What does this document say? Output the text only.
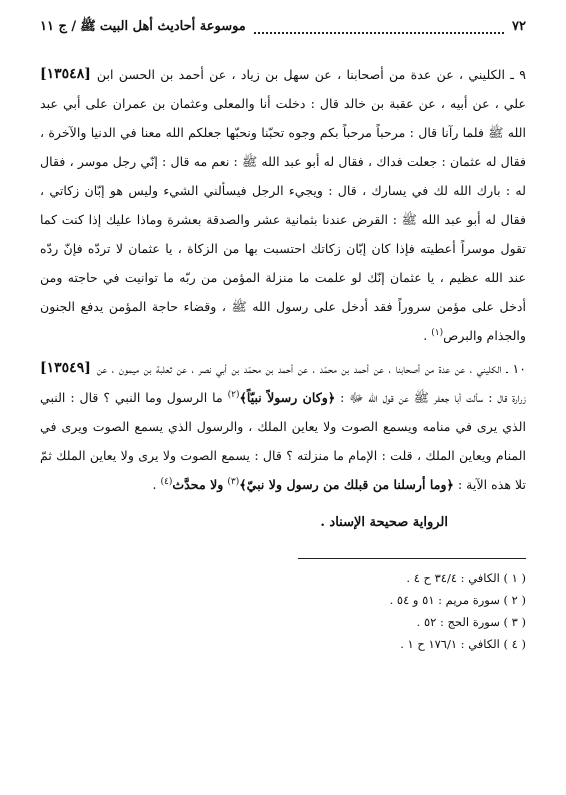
٧٢
موسوعة أحاديث أهل البيت
ﷺ
/ ج ١١
[١٣٥٤٨]	٩ ـ الكليني ، عن عدة من أصحابنا ، عن سهل بن زياد ، عن أحمد بن الحسن ابن علي ، عن أبيه ، عن عقبة بن خالد قال : دخلت أنا والمعلى وعثمان بن عمران على أبي عبد الله ﷺ فلما رآنا قال : مرحباً مرحباً بكم وجوه تحبّنا ونحبّها جعلكم الله معنا في الدنيا والآخرة ، فقال له عثمان : جعلت فداك ، فقال له أبو عبد الله ﷺ : نعم مه قال : إنّي رجل موسر ، فقال له : بارك الله لك في يسارك ، قال : ويجيء الرجل فيسألني الشيء وليس هو إبّان زكاتي ، فقال له أبو عبد الله ﷺ : القرض عندنا بثمانية عشر والصدقة بعشرة وماذا عليك إذا كنت كما تقول موسراً أعطيته فإذا كان إبّان زكاتك احتسبت بها من الزكاة ، يا عثمان لا تردّه فإنّ ردّه عند الله عظيم ، يا عثمان إنّك لو علمت ما منزلة المؤمن من ربّه ما توانيت في حاجته ومن أدخل على مؤمن سروراً فقد أدخل على رسول الله ﷺ ، وقضاء حاجة المؤمن يدفع الجنون والجذام والبرص$^{(١)}$ .
[١٣٥٤٩]	١٠ ـ الكليني ، عن عدة من أصحابنا ، عن أحمد بن محمّد ، عن أحمد بن محمّد بن أبي نصر ، عن ثعلبة بن ميمون ، عن زرارة قال : سألت أبا جعفر ﷺ عن قول الله ﷻ : ﴿وكان رسولاً نبيّاً﴾$^{(٢)}$ ما الرسول وما النبي ؟ قال : النبي الذي يرى في منامه ويسمع الصوت ولا يعاين الملك ، والرسول الذي يسمع الصوت ويرى في المنام ويعاين الملك ، قلت : الإمام ما منزلته ؟ قال : يسمع الصوت ولا يرى ولا يعاين الملك ثمّ تلا هذه الآية : ﴿وما أرسلنا من قبلك من رسول ولا نبيّ﴾$^{(٣)}$ ولا محدَّث$^{(٤)}$ .
الرواية صحيحة الإسناد .
( ١ ) الكافي : ٣٤/٤ ح ٤ .
( ٢ ) سورة مريم : ٥١ و ٥٤ .
( ٣ ) سورة الحج : ٥٢ .
( ٤ ) الكافي : ١٧٦/١ ح ١ .
